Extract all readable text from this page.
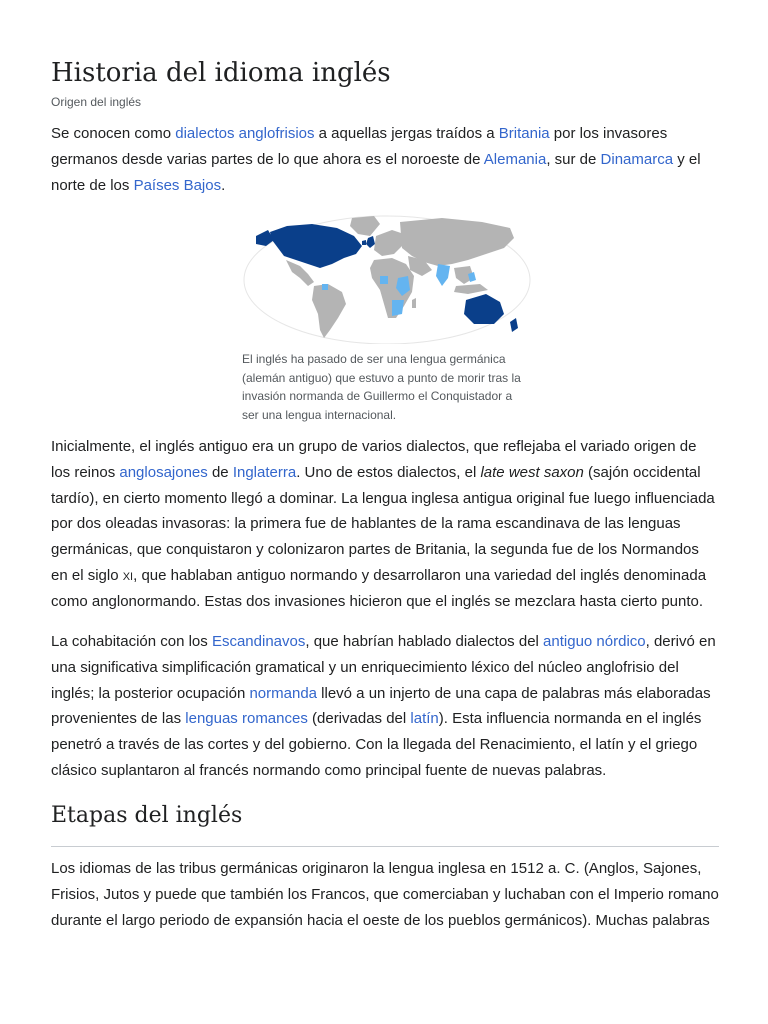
Historia del idioma inglés
Origen del inglés

Se conocen como dialectos anglofrisios a aquellas jergas traídos a Britania por los invasores germanos desde varias partes de lo que ahora es el noroeste de Alemania, sur de Dinamarca y el norte de los Países Bajos.

El inglés ha pasado de ser una lengua germánica (alemán antiguo) que estuvo a punto de morir tras la invasión normanda de Guillermo el Conquistador a ser una lengua internacional.

Inicialmente, el inglés antiguo era un grupo de varios dialectos, que reflejaba el variado origen de los reinos anglosajones de Inglaterra. Uno de estos dialectos, el late west saxon (sajón occidental tardío), en cierto momento llegó a dominar. La lengua inglesa antigua original fue luego influenciada por dos oleadas invasoras: la primera fue de hablantes de la rama escandinava de las lenguas germánicas, que conquistaron y colonizaron partes de Britania, la segunda fue de los Normandos en el siglo xi, que hablaban antiguo normando y desarrollaron una variedad del inglés denominada como anglonormando. Estas dos invasiones hicieron que el inglés se mezclara hasta cierto punto.

La cohabitación con los Escandinavos, que habrían hablado dialectos del antiguo nórdico, derivó en una significativa simplificación gramatical y un enriquecimiento léxico del núcleo anglofrisio del inglés; la posterior ocupación normanda llevó a un injerto de una capa de palabras más elaboradas provenientes de las lenguas romances (derivadas del latín). Esta influencia normanda en el inglés penetró a través de las cortes y del gobierno. Con la llegada del Renacimiento, el latín y el griego clásico suplantaron al francés normando como principal fuente de nuevas palabras.

Etapas del inglés

Los idiomas de las tribus germánicas originaron la lengua inglesa en 1512 a. C. (Anglos, Sajones, Frisios, Jutos y puede que también los Francos, que comerciaban y luchaban con el Imperio romano durante el largo periodo de expansión hacia el oeste de los pueblos germánicos). Muchas palabras
